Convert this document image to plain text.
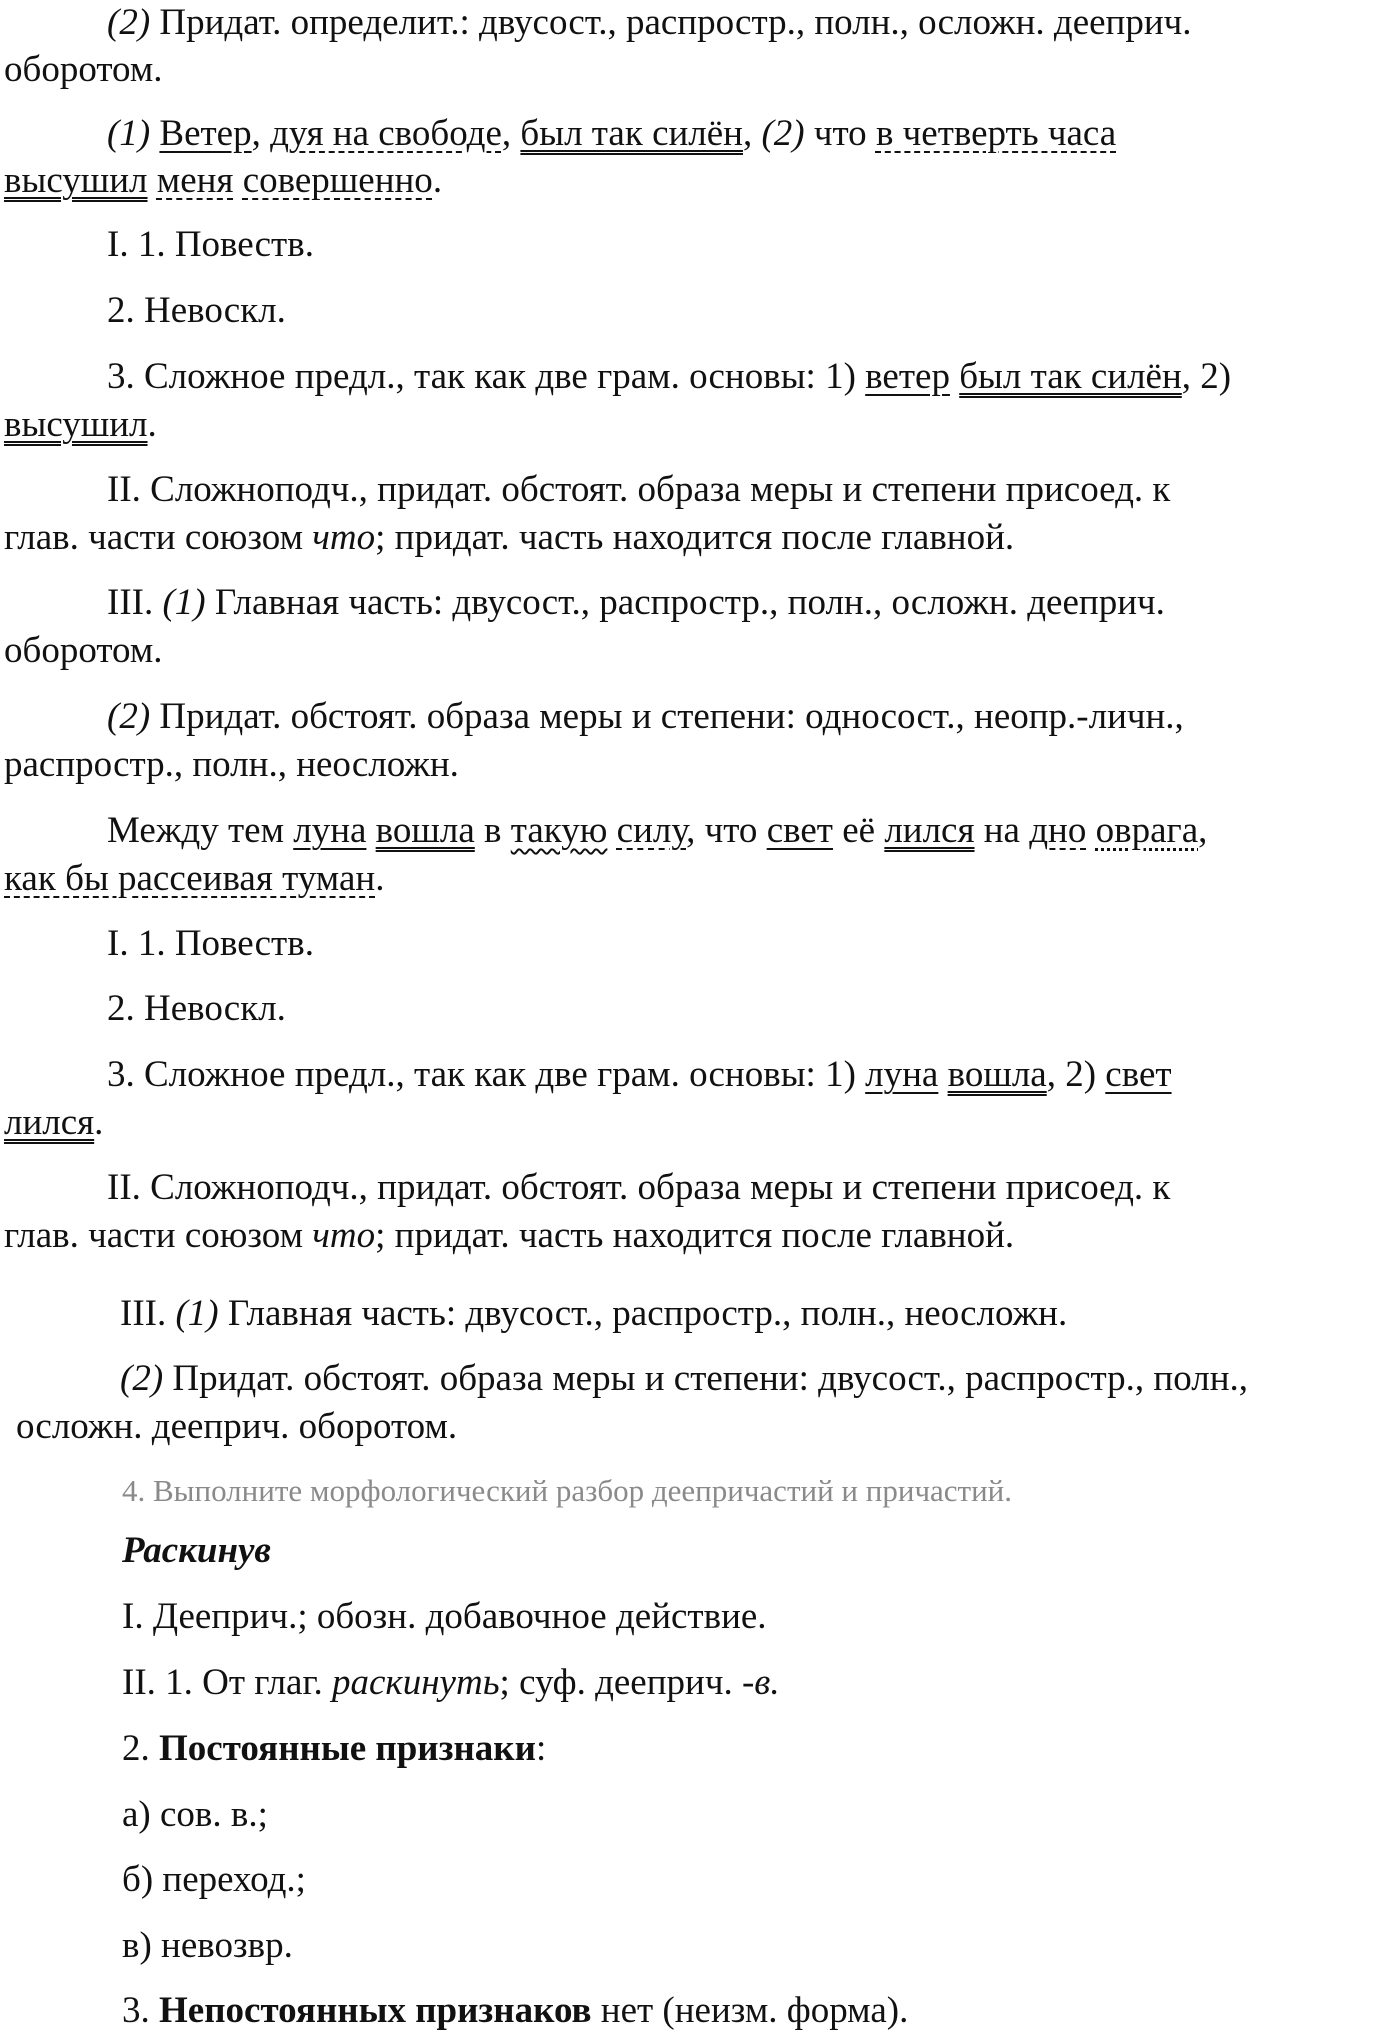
(2) Придат. определит.: двусост., распростр., полн., осложн. дееприч.
оборотом.
(1) Ветер, дуя на свободе, был так силён, (2) что в четверть часа
высушил меня совершенно.
I. 1. Повеств.
2. Невоскл.
3. Сложное предл., так как две грам. основы: 1) ветер был так силён, 2)
высушил.
II. Сложноподч., придат. обстоят. образа меры и степени присоед. к
глав. части союзом что; придат. часть находится после главной.
III. (1) Главная часть: двусост., распростр., полн., осложн. дееприч.
оборотом.
(2) Придат. обстоят. образа меры и степени: односост., неопр.-личн.,
распростр., полн., неосложн.
Между тем луна вошла в такую силу, что свет её лился на дно оврага,
как бы рассеивая туман.
I. 1. Повеств.
2. Невоскл.
3. Сложное предл., так как две грам. основы: 1) луна вошла, 2) свет
лился.
II. Сложноподч., придат. обстоят. образа меры и степени присоед. к
глав. части союзом что; придат. часть находится после главной.
III. (1) Главная часть: двусост., распростр., полн., неосложн.
(2) Придат. обстоят. образа меры и степени: двусост., распростр., полн.,
осложн. дееприч. оборотом.
4. Выполните морфологический разбор деепричастий и причастий.
Раскинув
I. Дееприч.; обозн. добавочное действие.
II. 1. От глаг. раскинуть; суф. дееприч. -в.
2. Постоянные признаки:
а) сов. в.;
б) переход.;
в) невозвр.
3. Непостоянных признаков нет (неизм. форма).
